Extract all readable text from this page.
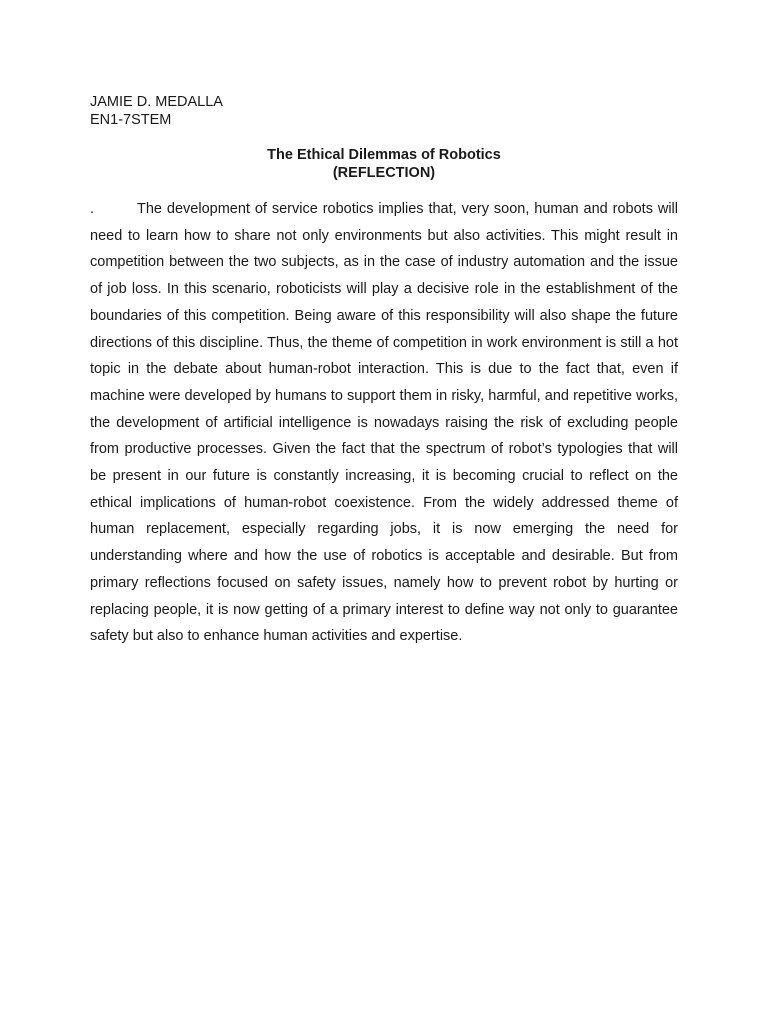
JAMIE D. MEDALLA
EN1-7STEM
The Ethical Dilemmas of Robotics
(REFLECTION)

.	The development of service robotics implies that, very soon, human and robots will need to learn how to share not only environments but also activities. This might result in competition between the two subjects, as in the case of industry automation and the issue of job loss. In this scenario, roboticists will play a decisive role in the establishment of the boundaries of this competition. Being aware of this responsibility will also shape the future directions of this discipline. Thus, the theme of competition in work environment is still a hot topic in the debate about human-robot interaction. This is due to the fact that, even if machine were developed by humans to support them in risky, harmful, and repetitive works, the development of artificial intelligence is nowadays raising the risk of excluding people from productive processes. Given the fact that the spectrum of robot’s typologies that will be present in our future is constantly increasing, it is becoming crucial to reflect on the ethical implications of human-robot coexistence. From the widely addressed theme of human replacement, especially regarding jobs, it is now emerging the need for understanding where and how the use of robotics is acceptable and desirable. But from primary reflections focused on safety issues, namely how to prevent robot by hurting or replacing people, it is now getting of a primary interest to define way not only to guarantee safety but also to enhance human activities and expertise.
